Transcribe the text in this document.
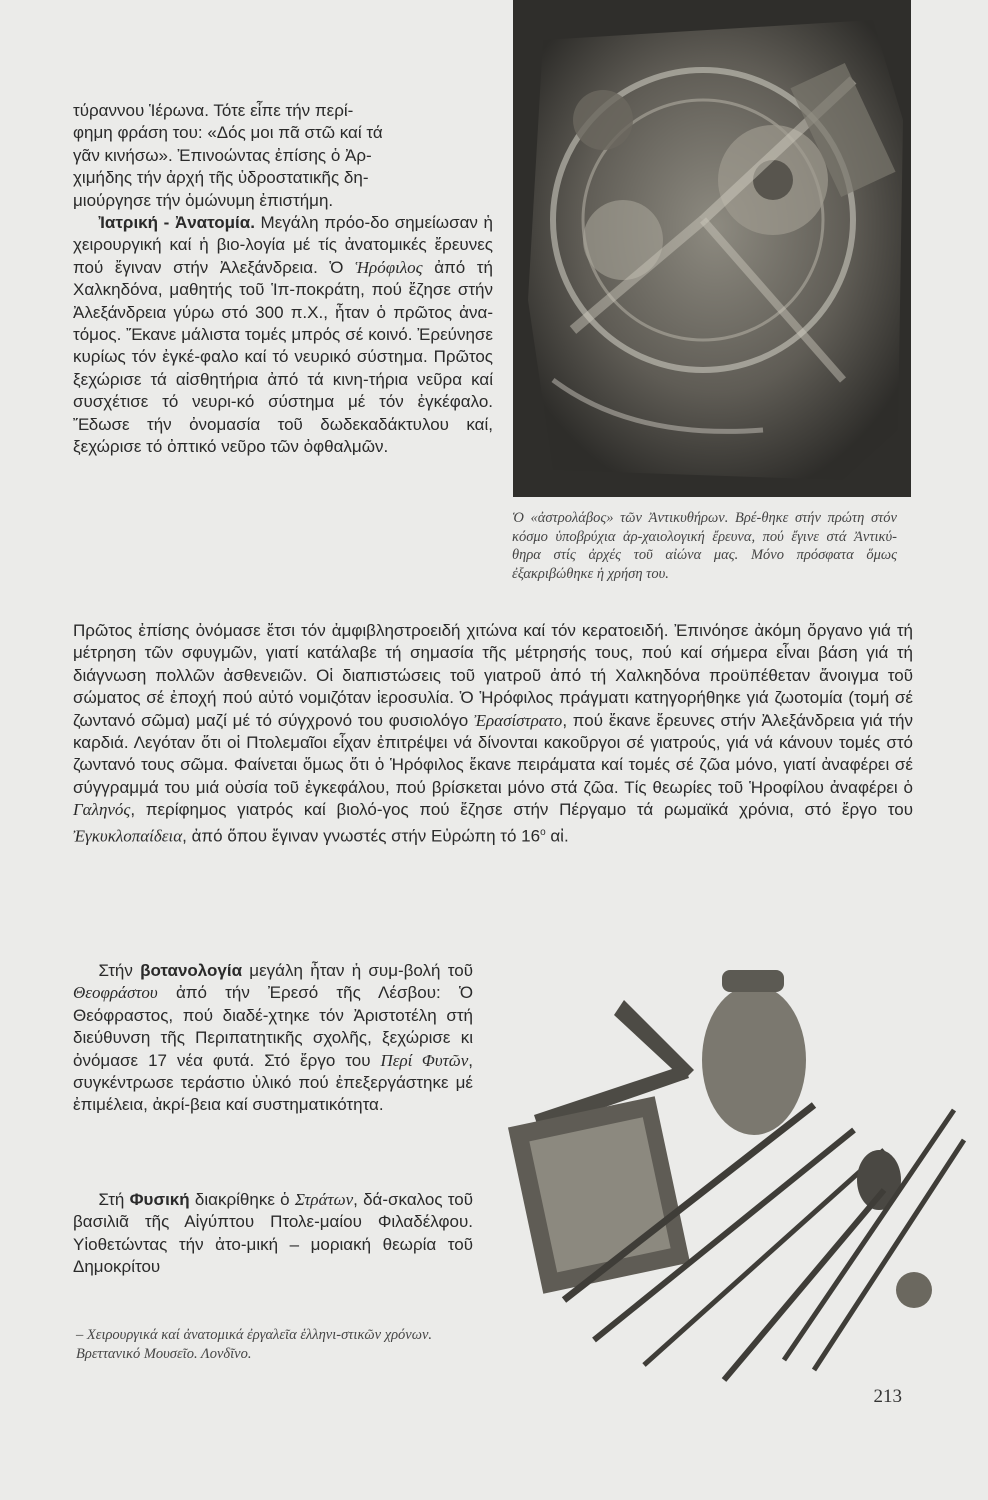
τύραννου Ἱέρωνα. Τότε εἶπε τήν περί-
φημη φράση του: «Δός μοι πᾶ στῶ καί τά
γᾶν κινήσω». Ἐπινοώντας ἐπίσης ὁ Ἀρ-
χιμήδης τήν ἀρχή τῆς ὑδροστατικῆς δη-
μιούργησε τήν ὁμώνυμη ἐπιστήμη.
  Ἰατρική - Ἀνατομία. Μεγάλη πρόο-δο σημείωσαν ἡ χειρουργική καί ἡ βιο-λογία μέ τίς ἀνατομικές ἔρευνες πού ἔγιναν στήν Ἀλεξάνδρεια. Ὁ Ἡρόφιλος ἀπό τή Χαλκηδόνα, μαθητής τοῦ Ἱπ-ποκράτη, πού ἔζησε στήν Ἀλεξάνδρεια γύρω στό 300 π.Χ., ἦταν ὁ πρῶτος ἀνα-τόμος. Ἔκανε μάλιστα τομές μπρός σέ κοινό. Ἐρεύνησε κυρίως τόν ἐγκέ-φαλο καί τό νευρικό σύστημα. Πρῶτος ξεχώρισε τά αἰσθητήρια ἀπό τά κινη-τήρια νεῦρα καί συσχέτισε τό νευρι-κό σύστημα μέ τόν ἐγκέφαλο. Ἔδωσε τήν ὀνομασία τοῦ δωδεκαδάκτυλου καί, ξεχώρισε τό ὀπτικό νεῦρο τῶν ὀφθαλμῶν.

Πρῶτος ἐπίσης ὀνόμασε ἔτσι τόν ἀμφιβληστροειδή χιτώνα καί τόν κερατοειδή. Ἐπινόησε ἀκόμη ὄργανο γιά τή μέτρηση τῶν σφυγμῶν, γιατί κατάλαβε τή σημασία τῆς μέτρησής τους, πού καί σήμερα εἶναι βάση γιά τή διάγνωση πολλῶν ἀσθενειῶν. Οἱ διαπιστώσεις τοῦ γιατροῦ ἀπό τή Χαλκηδόνα προϋπέθεταν ἄνοιγμα τοῦ σώματος σέ ἐποχή πού αὐτό νομιζόταν ἱεροσυλία. Ὁ Ἡρόφιλος πράγματι κατηγορήθηκε γιά ζωοτομία (τομή σέ ζωντανό σῶμα) μαζί μέ τό σύγχρονό του φυσιολόγο Ἐρασίστρατο, πού ἔκανε ἔρευνες στήν Ἀλεξάνδρεια γιά τήν καρδιά. Λεγόταν ὅτι οἱ Πτολεμαῖοι εἶχαν ἐπιτρέψει νά δίνονται κακοῦργοι σέ γιατρούς, γιά νά κάνουν τομές στό ζωντανό τους σῶμα. Φαίνεται ὅμως ὅτι ὁ Ἡρόφιλος ἔκανε πειράματα καί τομές σέ ζῶα μόνο, γιατί ἀναφέρει σέ σύγγραμμά του μιά οὐσία τοῦ ἐγκεφάλου, πού βρίσκεται μόνο στά ζῶα. Τίς θεωρίες τοῦ Ἡροφίλου ἀναφέρει ὁ Γαληνός, περίφημος γιατρός καί βιολό-γος πού ἔζησε στήν Πέργαμο τά ρωμαϊκά χρόνια, στό ἔργο του Ἐγκυκλοπαίδεια, ἀπό ὅπου ἔγιναν γνωστές στήν Εὐρώπη τό $16^o$ αἰ.

Ὁ «ἀστρολάβος» τῶν Ἀντικυθήρων. Βρέ-θηκε στήν πρώτη στόν κόσμο ὑποβρύχια ἀρ-χαιολογική ἔρευνα, πού ἔγινε στά Ἀντικύ-θηρα στίς ἀρχές τοῦ αἰώνα μας. Μόνο πρόσφατα ὅμως ἐξακριβώθηκε ἡ χρήση του.

  Στήν βοτανολογία μεγάλη ἦταν ἡ συμ-βολή τοῦ Θεοφράστου ἀπό τήν Ἐρεσό τῆς Λέσβου: Ὁ Θεόφραστος, πού διαδέ-χτηκε τόν Ἀριστοτέλη στή διεύθυνση τῆς Περιπατητικῆς σχολῆς, ξεχώρισε κι ὀνόμασε 17 νέα φυτά. Στό ἔργο του Περί Φυτῶν, συγκέντρωσε τεράστιο ὑλικό πού ἐπεξεργάστηκε μέ ἐπιμέλεια, ἀκρί-βεια καί συστηματικότητα.

  Στή Φυσική διακρίθηκε ὁ Στράτων, δά-σκαλος τοῦ βασιλιᾶ τῆς Αἰγύπτου Πτολε-μαίου Φιλαδέλφου. Υἱοθετώντας τήν ἀτο-μική – μοριακή θεωρία τοῦ Δημοκρίτου

– Χειρουργικά καί ἀνατομικά ἐργαλεῖα ἑλληνι-στικῶν χρόνων. Βρεττανικό Μουσεῖο. Λονδῖνο.

213
